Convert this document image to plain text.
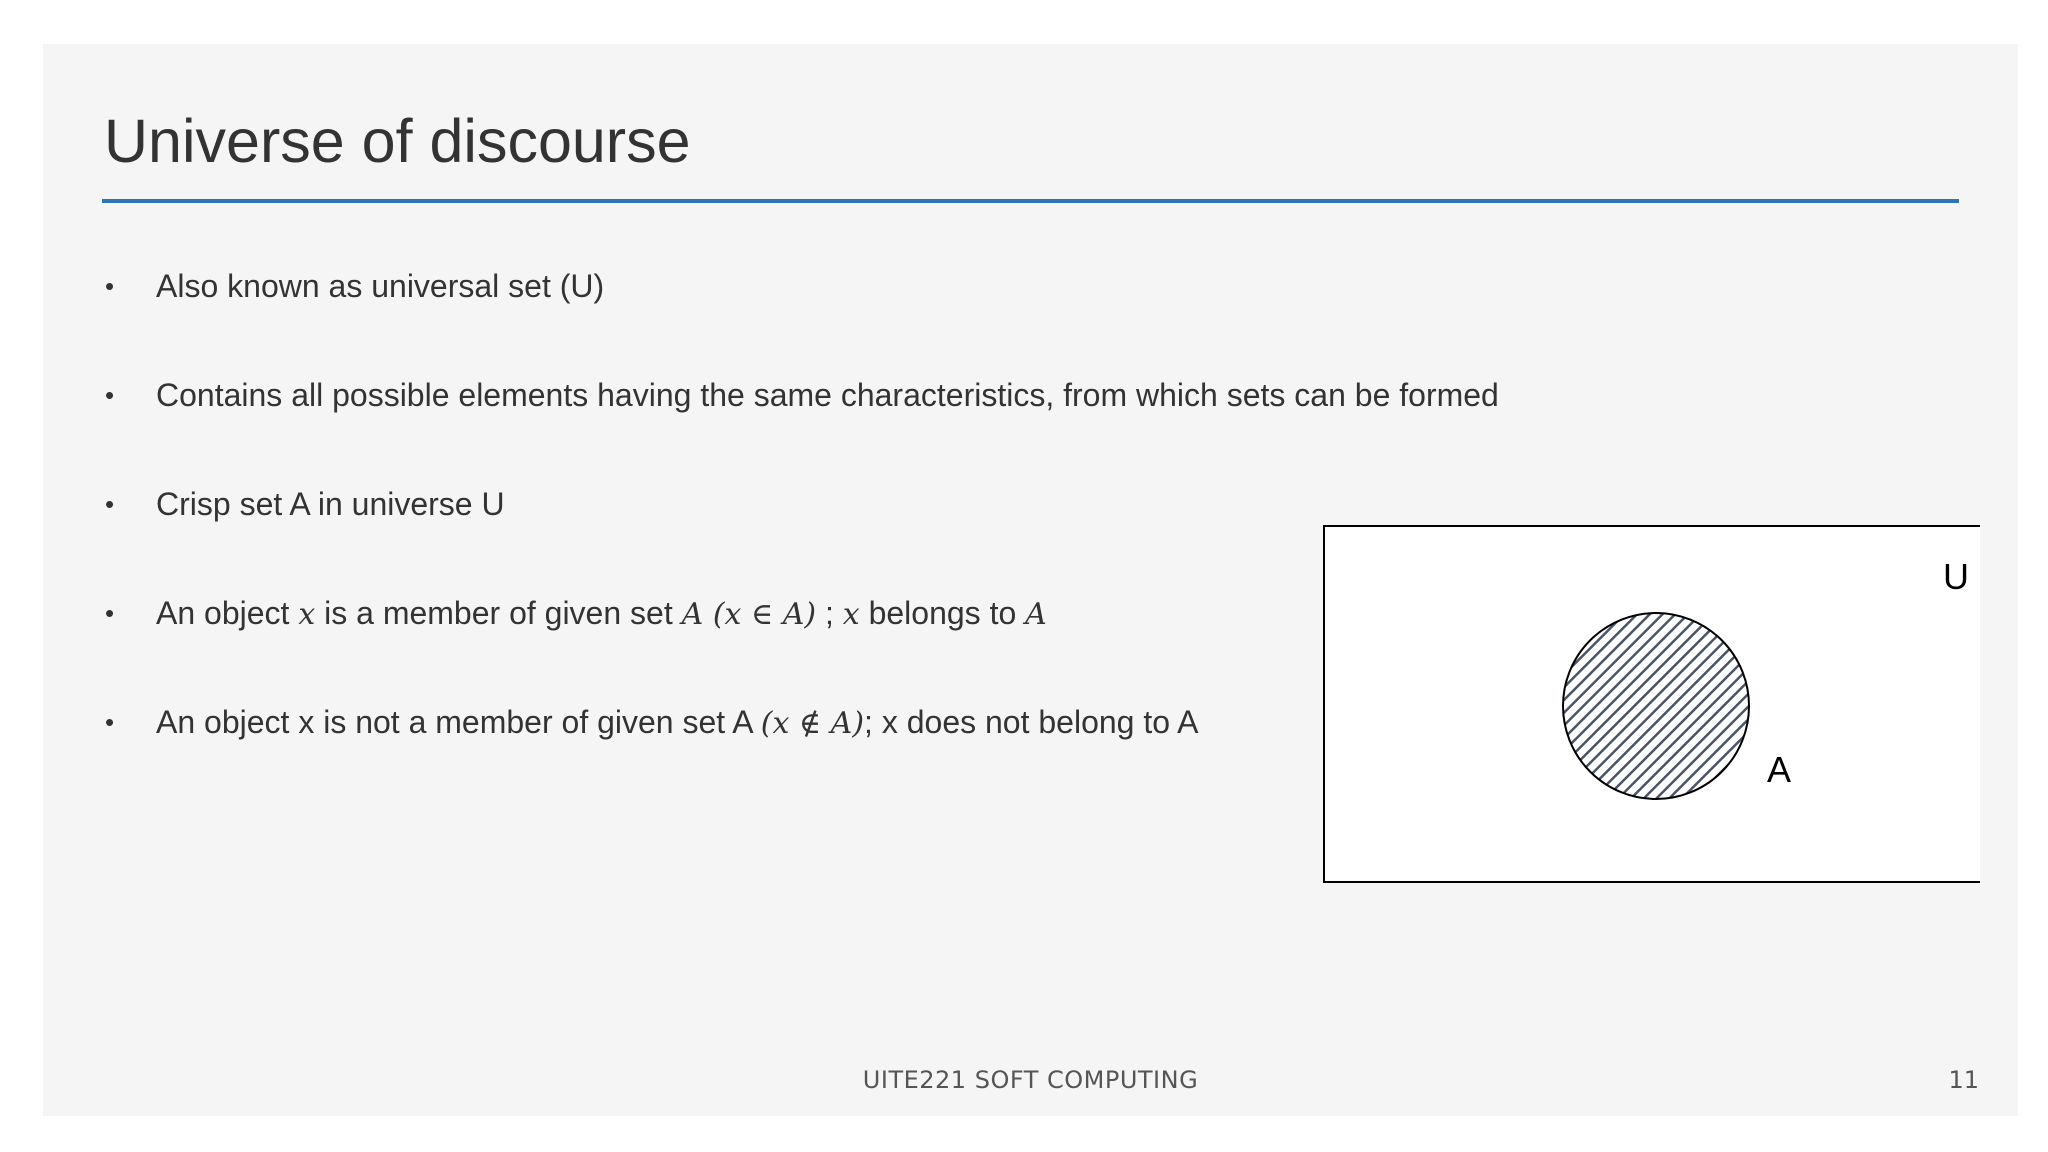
Universe of discourse
• Also known as universal set (U)
• Contains all possible elements having the same characteristics, from which sets can be formed
• Crisp set A in universe U
• An object x is a member of given set A (x ∈ A) ; x belongs to A
• An object x is not a member of given set A (x ∉ A); x does not belong to A
A
U
UITE221 SOFT COMPUTING	11
